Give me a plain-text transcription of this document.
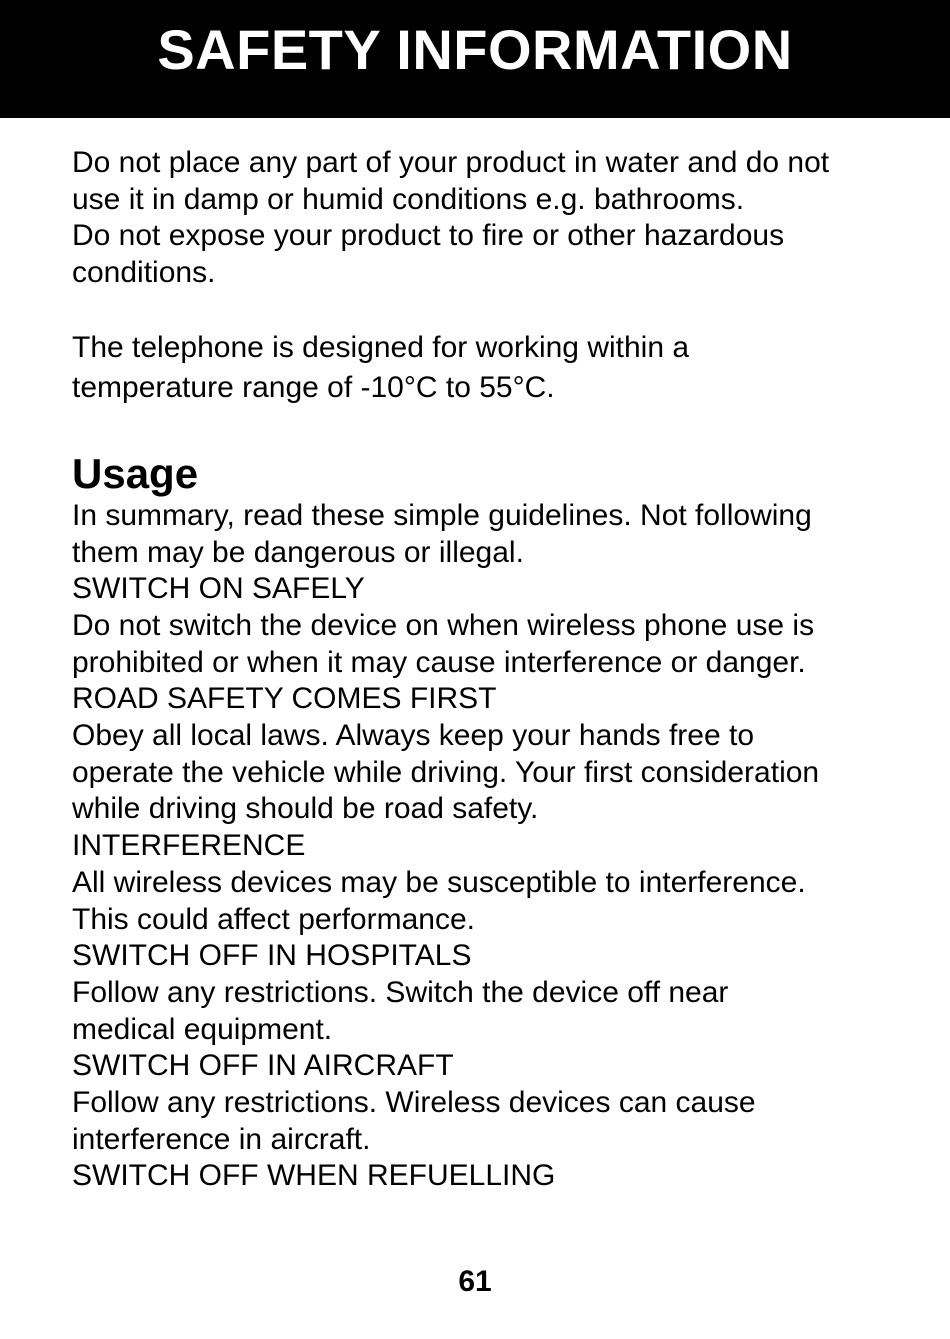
SAFETY INFORMATION
Do not place any part of your product in water and do not
use it in damp or humid conditions e.g. bathrooms.
Do not expose your product to fire or other hazardous
conditions.
The telephone is designed for working within a
temperature range of -10°C to 55°C.
Usage
In summary, read these simple guidelines. Not following
them may be dangerous or illegal.
SWITCH ON SAFELY
Do not switch the device on when wireless phone use is
prohibited or when it may cause interference or danger.
ROAD SAFETY COMES FIRST
Obey all local laws. Always keep your hands free to
operate the vehicle while driving. Your first consideration
while driving should be road safety.
INTERFERENCE
All wireless devices may be susceptible to interference.
This could affect performance.
SWITCH OFF IN HOSPITALS
Follow any restrictions. Switch the device off near
medical equipment.
SWITCH OFF IN AIRCRAFT
Follow any restrictions. Wireless devices can cause
interference in aircraft.
SWITCH OFF WHEN REFUELLING
61
